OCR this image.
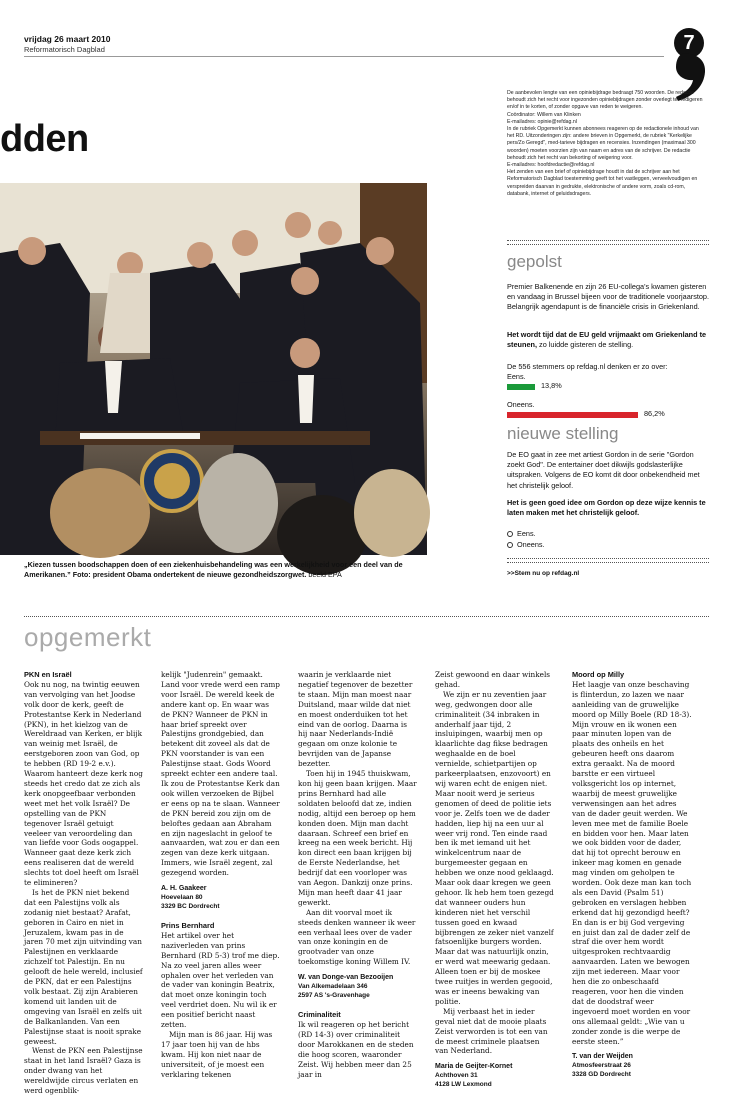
vrijdag 26 maart 2010
Reformatorisch Dagblad	7
dden

De aanbevolen lengte van een opiniebijdrage bedraagt 750 woorden. De redactie behoudt zich het recht voor ingezonden opiniebijdragen zonder overlegt ter redigeren en/of in te korten, of zonder opgave van reden te weigeren.

Coördinator: Willem van Klinken

E-mailadres: opinie@refdag.nl

In de rubriek Opgemerkt kunnen abonnees reageren op de redactionele inhoud van het RD. Uitzonderingen zijn: andere brieven in Opgemerkt, de rubriek "Kerkelijke pers/Zo Geregd", med-tarieve bijdragen en recensies. Inzendingen (maximaal 300 woorden) moeten voorzien zijn van naam en adres van de schrijver. De redactie behoudt zich het recht van bekorting of weigering voor.

E-mailadres: hoofdredactie@refdag.nl

Het zenden van een brief of opiniebijdrage houdt in dat de schrijver aan het Reformatorisch Dagblad toestemming geeft tot het vastleggen, verveelvoudigen en verspreiden daarvan in gedrukte, elektronische of andere vorm, zoals cd-rom, databank, internet of geluidsdragers.

„Kiezen tussen boodschappen doen of een ziekenhuisbehandeling was een werkelijkheid voor een deel van de Amerikanen.” Foto: president Obama ondertekent de nieuwe gezondheidszorgwet. beeld EPA
gepolst
Premier Balkenende en zijn 26 EU-collega's kwamen gisteren en vandaag in Brussel bijeen voor de traditionele voorjaarstop. Belangrijk agendapunt is de financiële crisis in Griekenland.
Het wordt tijd dat de EU geld vrijmaakt om Griekenland te steunen, zo luidde gisteren de stelling.
De 556 stemmers op refdag.nl denken er zo over:
Eens.
13,8%
Oneens.
86,2%
nieuwe stelling
De EO gaat in zee met artiest Gordon in de serie "Gordon zoekt God". De entertainer doet dikwijls godslasterlijke uitspraken. Volgens de EO komt dit door onbekendheid met het christelijk geloof.
Het is geen goed idee om Gordon op deze wijze kennis te laten maken met het christelijk geloof.
Eens.
Oneens.
>>Stem nu op refdag.nl
opgemerkt

PKN en Israël

Ook nu nog, na twintig eeuwen van vervolging van het Joodse volk door de kerk, geeft de Protestantse Kerk in Nederland (PKN), in het kielzog van de Wereldraad van Kerken, er blijk van weinig met Israël, de eerstgeboren zoon van God, op te hebben (RD 19-2 e.v.). Waarom hanteert deze kerk nog steeds het credo dat ze zich als kerk onopgeefbaar verbonden weet met het volk Israël? De opstelling van de PKN tegenover Israël getuigt veeleer van veroordeling dan van liefde voor Gods oogappel. Wanneer gaat deze kerk zich eens realiseren dat de wereld slechts tot doel heeft om Israël te elimineren?

Is het de PKN niet bekend dat een Palestijns volk als zodanig niet bestaat? Arafat, geboren in Cairo en niet in Jeruzalem, kwam pas in de jaren 70 met zijn uitvinding van Palestijnen en verklaarde zichzelf tot Palestijn. En nu gelooft de hele wereld, inclusief de PKN, dat er een Palestijns volk bestaat. Zij zijn Arabieren komend uit landen uit de omgeving van Israël en zelfs uit de Balkanlanden. Van een Palestijnse staat is nooit sprake geweest.

Wenst de PKN een Palestijnse staat in het land Israël? Gaza is onder dwang van het wereldwijde circus verlaten en werd ogenblik-

kelijk "Judenrein" gemaakt. Land voor vrede werd een ramp voor Israël. De wereld keek de andere kant op. En waar was de PKN? Wanneer de PKN in haar brief spreekt over Palestijns grondgebied, dan betekent dit zoveel als dat de PKN voorstander is van een Palestijnse staat. Gods Woord spreekt echter een andere taal. Ik zou de Protestantse Kerk dan ook willen verzoeken de Bijbel er eens op na te slaan. Wanneer de PKN bereid zou zijn om de beloftes gedaan aan Abraham en zijn nageslacht in geloof te aanvaarden, wat zou er dan een zegen van deze kerk uitgaan. Immers, wie Israël zegent, zal gezegend worden.

A. H. Gaakeer

Hoevelaan 80

3329 BC Dordrecht

Prins Bernhard

Het artikel over het naziverleden van prins Bernhard (RD 5-3) trof me diep. Na zo veel jaren alles weer ophalen over het verleden van de vader van koningin Beatrix, dat moet onze koningin toch veel verdriet doen. Nu wil ik er een positief bericht naast zetten.

Mijn man is 86 jaar. Hij was 17 jaar toen hij van de hbs kwam. Hij kon niet naar de universiteit, of je moest een verklaring tekenen

waarin je verklaarde niet negatief tegenover de bezetter te staan. Mijn man moest naar Duitsland, maar wilde dat niet en moest onderduiken tot het eind van de oorlog. Daarna is hij naar Nederlands-Indië gegaan om onze kolonie te bevrijden van de Japanse bezetter.

Toen hij in 1945 thuiskwam, kon hij geen baan krijgen. Maar prins Bernhard had alle soldaten beloofd dat ze, indien nodig, altijd een beroep op hem konden doen. Mijn man dacht daaraan. Schreef een brief en kreeg na een week bericht. Hij kon direct een baan krijgen bij de Eerste Nederlandse, het bedrijf dat een voorloper was van Aegon. Dankzij onze prins. Mijn man heeft daar 41 jaar gewerkt.

Aan dit voorval moet ik steeds denken wanneer ik weer een verhaal lees over de vader van onze koningin en de grootvader van onze toekomstige koning Willem IV.

W. van Donge-van Bezooijen

Van Alkemadelaan 346

2597 AS 's-Gravenhage

Criminaliteit

Ik wil reageren op het bericht (RD 14-3) over criminaliteit door Marokkanen en de steden die hoog scoren, waaronder Zeist. Wij hebben meer dan 25 jaar in

Zeist gewoond en daar winkels gehad.

We zijn er nu zeventien jaar weg, gedwongen door alle criminaliteit (34 inbraken in anderhalf jaar tijd, 2 insluipingen, waarbij men op klaarlichte dag fikse bedragen weghaalde en de boel vernielde, schietpartijen op parkeerplaatsen, enzovoort) en wij waren echt de enigen niet. Maar nooit werd je serieus genomen of deed de politie iets voor je. Zelfs toen we de dader hadden, liep hij na een uur al weer vrij rond. Ten einde raad ben ik met iemand uit het winkelcentrum naar de burgemeester gegaan en hebben we onze nood geklaagd. Maar ook daar kregen we geen gehoor. Ik heb hem toen gezegd dat wanneer ouders hun kinderen niet het verschil tussen goed en kwaad bijbrengen ze zeker niet vanzelf fatsoenlijke burgers worden. Maar dat was natuurlijk onzin, er werd wat meewarig gedaan. Alleen toen er bij de moskee twee ruitjes in werden gegooid, was er ineens bewaking van politie.

Mij verbaast het in ieder geval niet dat de mooie plaats Zeist verworden is tot een van de meest criminele plaatsen van Nederland.

Maria de Geijter-Kornet

Achthoven 31

4128 LW Lexmond

Moord op Milly

Het laagje van onze beschaving is flinterdun, zo lazen we naar aanleiding van de gruwelijke moord op Milly Boele (RD 18-3). Mijn vrouw en ik wonen een paar minuten lopen van de plaats des onheils en het gebeuren heeft ons daarom extra geraakt. Na de moord barstte er een virtueel volksgericht los op internet, waarbij de meest gruwelijke verwensingen aan het adres van de dader geuit werden. We leven mee met de familie Boele en bidden voor hen. Maar laten we ook bidden voor de dader, dat hij tot oprecht berouw en inkeer mag komen en genade mag vinden om geholpen te worden. Ook deze man kan toch als een David (Psalm 51) gebroken en verslagen hebben erkend dat hij gezondigd heeft? En dan is er bij God vergeving en juist dan zal de dader zelf de straf die over hem wordt uitgesproken rechtvaardig aanvaarden. Laten we bewogen zijn met iedereen. Maar voor hen die zo onbeschaafd reageren, voor hen die vinden dat de doodstraf weer ingevoerd moet worden en voor ons allemaal geldt: „Wie van u zonder zonde is die werpe de eerste steen.”

T. van der Weijden

Atmosfeerstraat 26

3328 GD Dordrecht
